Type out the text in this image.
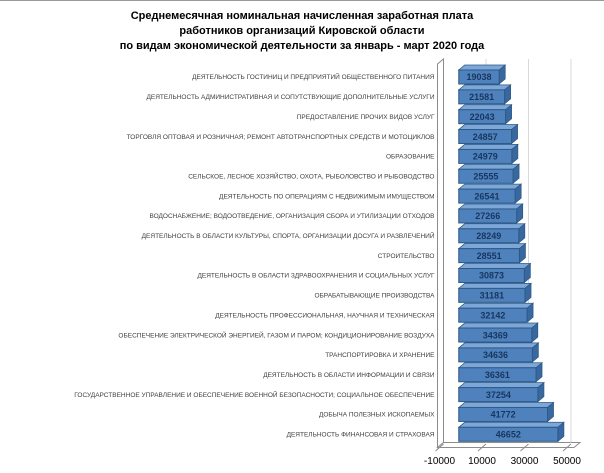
Среднемесячная номинальная начисленная заработная плата
работников организаций Кировской области
по видам экономической деятельности за январь - март 2020 года
-10000 10000 30000 50000
ДЕЯТЕЛЬНОСТЬ ГОСТИНИЦ И ПРЕДПРИЯТИЙ ОБЩЕСТВЕННОГО ПИТАНИЯ	19038
ДЕЯТЕЛЬНОСТЬ АДМИНИСТРАТИВНАЯ И СОПУТСТВУЮЩИЕ ДОПОЛНИТЕЛЬНЫЕ УСЛУГИ	21581
ПРЕДОСТАВЛЕНИЕ ПРОЧИХ ВИДОВ УСЛУГ	22043
ТОРГОВЛЯ ОПТОВАЯ И РОЗНИЧНАЯ; РЕМОНТ АВТОТРАНСПОРТНЫХ СРЕДСТВ И МОТОЦИКЛОВ	24857
ОБРАЗОВАНИЕ	24979
СЕЛЬСКОЕ, ЛЕСНОЕ ХОЗЯЙСТВО, ОХОТА, РЫБОЛОВСТВО И РЫБОВОДСТВО	25555
ДЕЯТЕЛЬНОСТЬ ПО ОПЕРАЦИЯМ С НЕДВИЖИМЫМ ИМУЩЕСТВОМ	26541
ВОДОСНАБЖЕНИЕ; ВОДООТВЕДЕНИЕ, ОРГАНИЗАЦИЯ СБОРА И УТИЛИЗАЦИИ ОТХОДОВ	27266
ДЕЯТЕЛЬНОСТЬ В ОБЛАСТИ КУЛЬТУРЫ, СПОРТА, ОРГАНИЗАЦИИ ДОСУГА И РАЗВЛЕЧЕНИЙ	28249
СТРОИТЕЛЬСТВО	28551
ДЕЯТЕЛЬНОСТЬ В ОБЛАСТИ ЗДРАВООХРАНЕНИЯ И СОЦИАЛЬНЫХ УСЛУГ	30873
ОБРАБАТЫВАЮЩИЕ ПРОИЗВОДСТВА	31181
ДЕЯТЕЛЬНОСТЬ ПРОФЕССИОНАЛЬНАЯ, НАУЧНАЯ И ТЕХНИЧЕСКАЯ	32142
ОБЕСПЕЧЕНИЕ ЭЛЕКТРИЧЕСКОЙ ЭНЕРГИЕЙ, ГАЗОМ И ПАРОМ; КОНДИЦИОНИРОВАНИЕ ВОЗДУХА	34369
ТРАНСПОРТИРОВКА И ХРАНЕНИЕ	34636
ДЕЯТЕЛЬНОСТЬ В ОБЛАСТИ ИНФОРМАЦИИ И СВЯЗИ	36361
ГОСУДАРСТВЕННОЕ УПРАВЛЕНИЕ И ОБЕСПЕЧЕНИЕ ВОЕННОЙ БЕЗОПАСНОСТИ; СОЦИАЛЬНОЕ ОБЕСПЕЧЕНИЕ	37254
ДОБЫЧА ПОЛЕЗНЫХ ИСКОПАЕМЫХ	41772
ДЕЯТЕЛЬНОСТЬ ФИНАНСОВАЯ И СТРАХОВАЯ	46652
